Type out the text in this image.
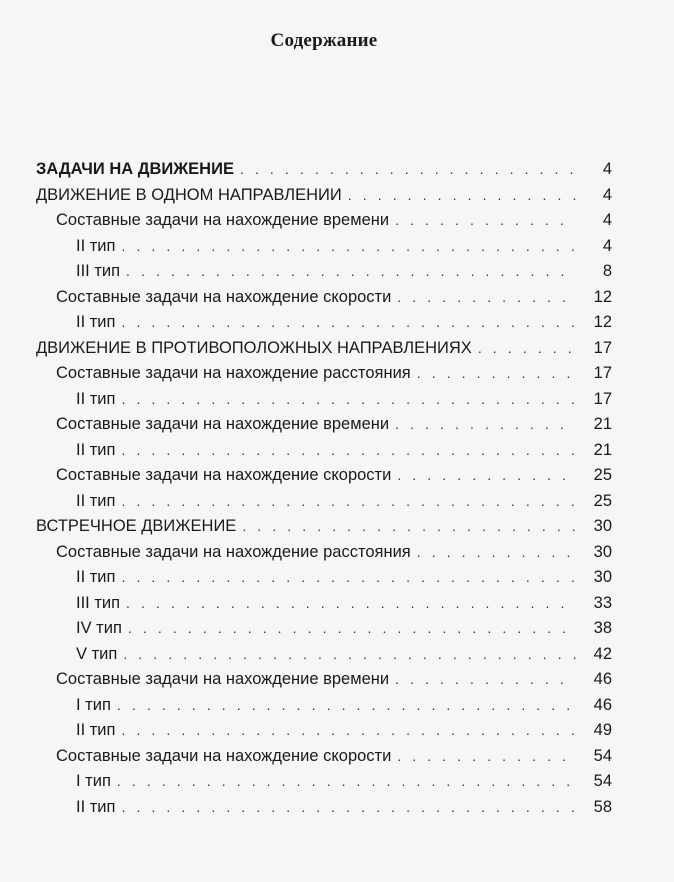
Содержание
ЗАДАЧИ НА ДВИЖЕНИЕ . . .	4
ДВИЖЕНИЕ В ОДНОМ НАПРАВЛЕНИИ . . .	4
Составные задачи на нахождение времени . . .	4
II тип . . .	4
III тип . . .	8
Составные задачи на нахождение скорости . . .	12
II тип . . .	12
ДВИЖЕНИЕ В ПРОТИВОПОЛОЖНЫХ НАПРАВЛЕНИЯХ . . .	17
Составные задачи на нахождение расстояния . . .	17
II тип . . .	17
Составные задачи на нахождение времени . . .	21
II тип . . .	21
Составные задачи на нахождение скорости . . .	25
II тип . . .	25
ВСТРЕЧНОЕ ДВИЖЕНИЕ . . .	30
Составные задачи на нахождение расстояния . . .	30
II тип . . .	30
III тип . . .	33
IV тип . . .	38
V тип . . .	42
Составные задачи на нахождение времени . . .	46
I тип . . .	46
II тип . . .	49
Составные задачи на нахождение скорости . . .	54
I тип . . .	54
II тип . . .	58
